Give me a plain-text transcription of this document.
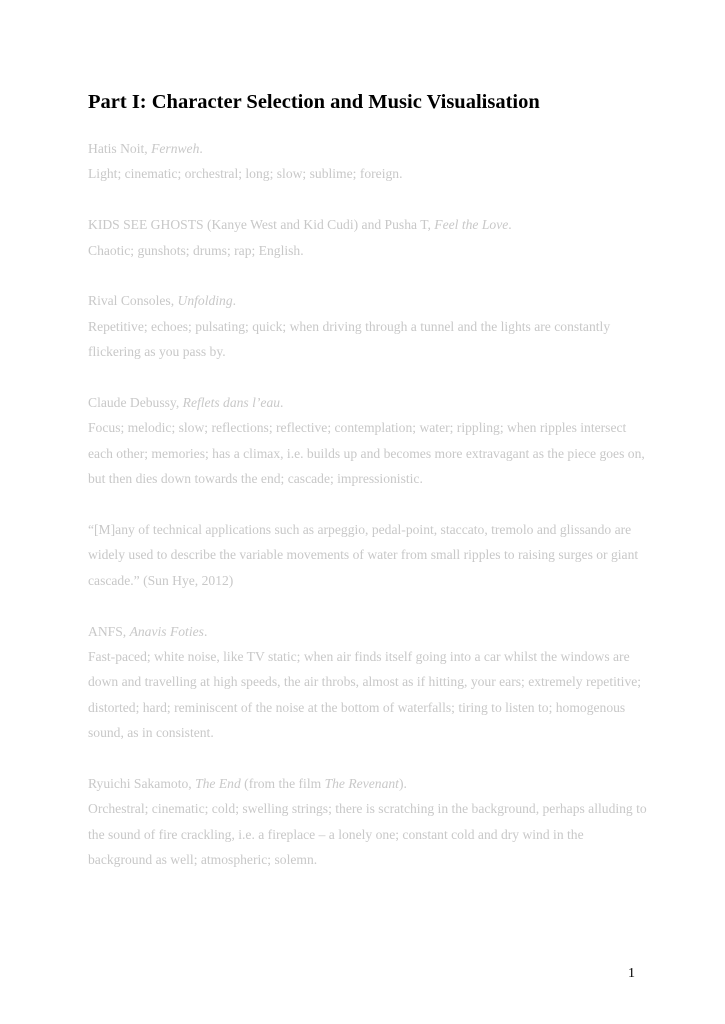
Part I: Character Selection and Music Visualisation

Hatis Noit, Fernweh.

Light; cinematic; orchestral; long; slow; sublime; foreign.

KIDS SEE GHOSTS (Kanye West and Kid Cudi) and Pusha T, Feel the Love.

Chaotic; gunshots; drums; rap; English.

Rival Consoles, Unfolding.

Repetitive; echoes; pulsating; quick; when driving through a tunnel and the lights are constantly flickering as you pass by.

Claude Debussy, Reflets dans l’eau.

Focus; melodic; slow; reflections; reflective; contemplation; water; rippling; when ripples intersect each other; memories; has a climax, i.e. builds up and becomes more extravagant as the piece goes on, but then dies down towards the end; cascade; impressionistic.

“[M]any of technical applications such as arpeggio, pedal-point, staccato, tremolo and glissando are widely used to describe the variable movements of water from small ripples to raising surges or giant cascade.” (Sun Hye, 2012)

ANFS, Anavis Foties.

Fast-paced; white noise, like TV static; when air finds itself going into a car whilst the windows are down and travelling at high speeds, the air throbs, almost as if hitting, your ears; extremely repetitive; distorted; hard; reminiscent of the noise at the bottom of waterfalls; tiring to listen to; homogenous sound, as in consistent.

Ryuichi Sakamoto, The End (from the film The Revenant).

Orchestral; cinematic; cold; swelling strings; there is scratching in the background, perhaps alluding to the sound of fire crackling, i.e. a fireplace – a lonely one; constant cold and dry wind in the background as well; atmospheric; solemn.

1
